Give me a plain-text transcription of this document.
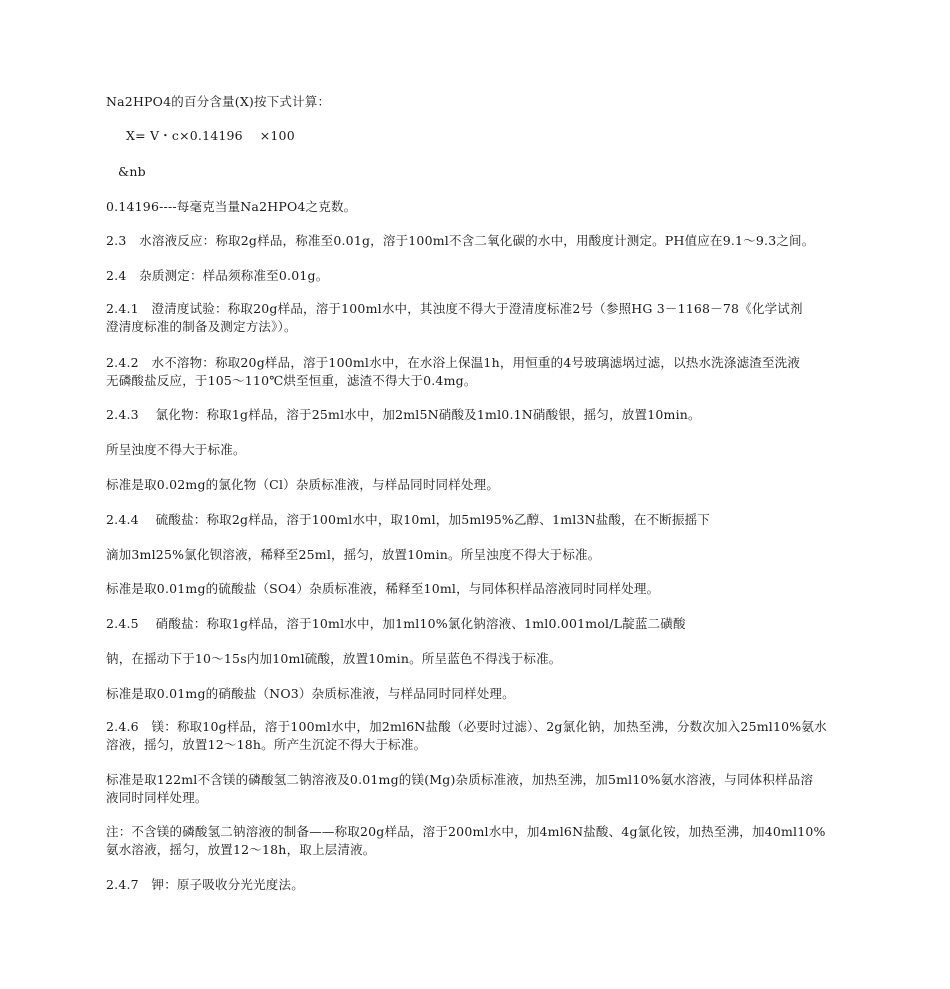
Na2HPO4的百分含量(X)按下式计算：
X= V・c×0.14196　 ×100
&nb
0.14196----每毫克当量Na2HPO4之克数。
2.3　水溶液反应：称取2g样品，称准至0.01g，溶于100ml不含二氧化碳的水中，用酸度计测定。PH值应在9.1～9.3之间。
2.4　杂质测定：样品须称准至0.01g。
2.4.1　澄清度试验：称取20g样品，溶于100ml水中，其浊度不得大于澄清度标准2号（参照HG 3－1168－78《化学试剂
澄清度标准的制备及测定方法》）。
2.4.2　水不溶物：称取20g样品，溶于100ml水中，在水浴上保温1h，用恒重的4号玻璃滤埚过滤，以热水洗涤滤渣至洗液
无磷酸盐反应，于105～110℃烘至恒重，滤渣不得大于0.4mg。
2.4.3　 氯化物：称取1g样品，溶于25ml水中，加2ml5N硝酸及1ml0.1N硝酸银，摇匀，放置10min。
所呈浊度不得大于标准。
标准是取0.02mg的氯化物（Cl）杂质标准液，与样品同时同样处理。
2.4.4　 硫酸盐：称取2g样品，溶于100ml水中，取10ml，加5ml95%乙醇、1ml3N盐酸，在不断振摇下
滴加3ml25%氯化钡溶液，稀释至25ml，摇匀，放置10min。所呈浊度不得大于标准。
标准是取0.01mg的硫酸盐（SO4）杂质标准液，稀释至10ml，与同体积样品溶液同时同样处理。
2.4.5　 硝酸盐：称取1g样品，溶于10ml水中，加1ml10%氯化钠溶液、1ml0.001mol/L靛蓝二磺酸
钠，在摇动下于10～15s内加10ml硫酸，放置10min。所呈蓝色不得浅于标准。
标准是取0.01mg的硝酸盐（NO3）杂质标准液，与样品同时同样处理。
2.4.6　镁：称取10g样品，溶于100ml水中，加2ml6N盐酸（必要时过滤）、2g氯化钠，加热至沸，分数次加入25ml10%氨水
溶液，摇匀，放置12～18h。所产生沉淀不得大于标准。
标准是取122ml不含镁的磷酸氢二钠溶液及0.01mg的镁(Mg)杂质标准液，加热至沸，加5ml10%氨水溶液，与同体积样品溶
液同时同样处理。
注：不含镁的磷酸氢二钠溶液的制备——称取20g样品，溶于200ml水中，加4ml6N盐酸、4g氯化铵，加热至沸，加40ml10%
氨水溶液，摇匀，放置12～18h，取上层清液。
2.4.7　钾：原子吸收分光光度法。
